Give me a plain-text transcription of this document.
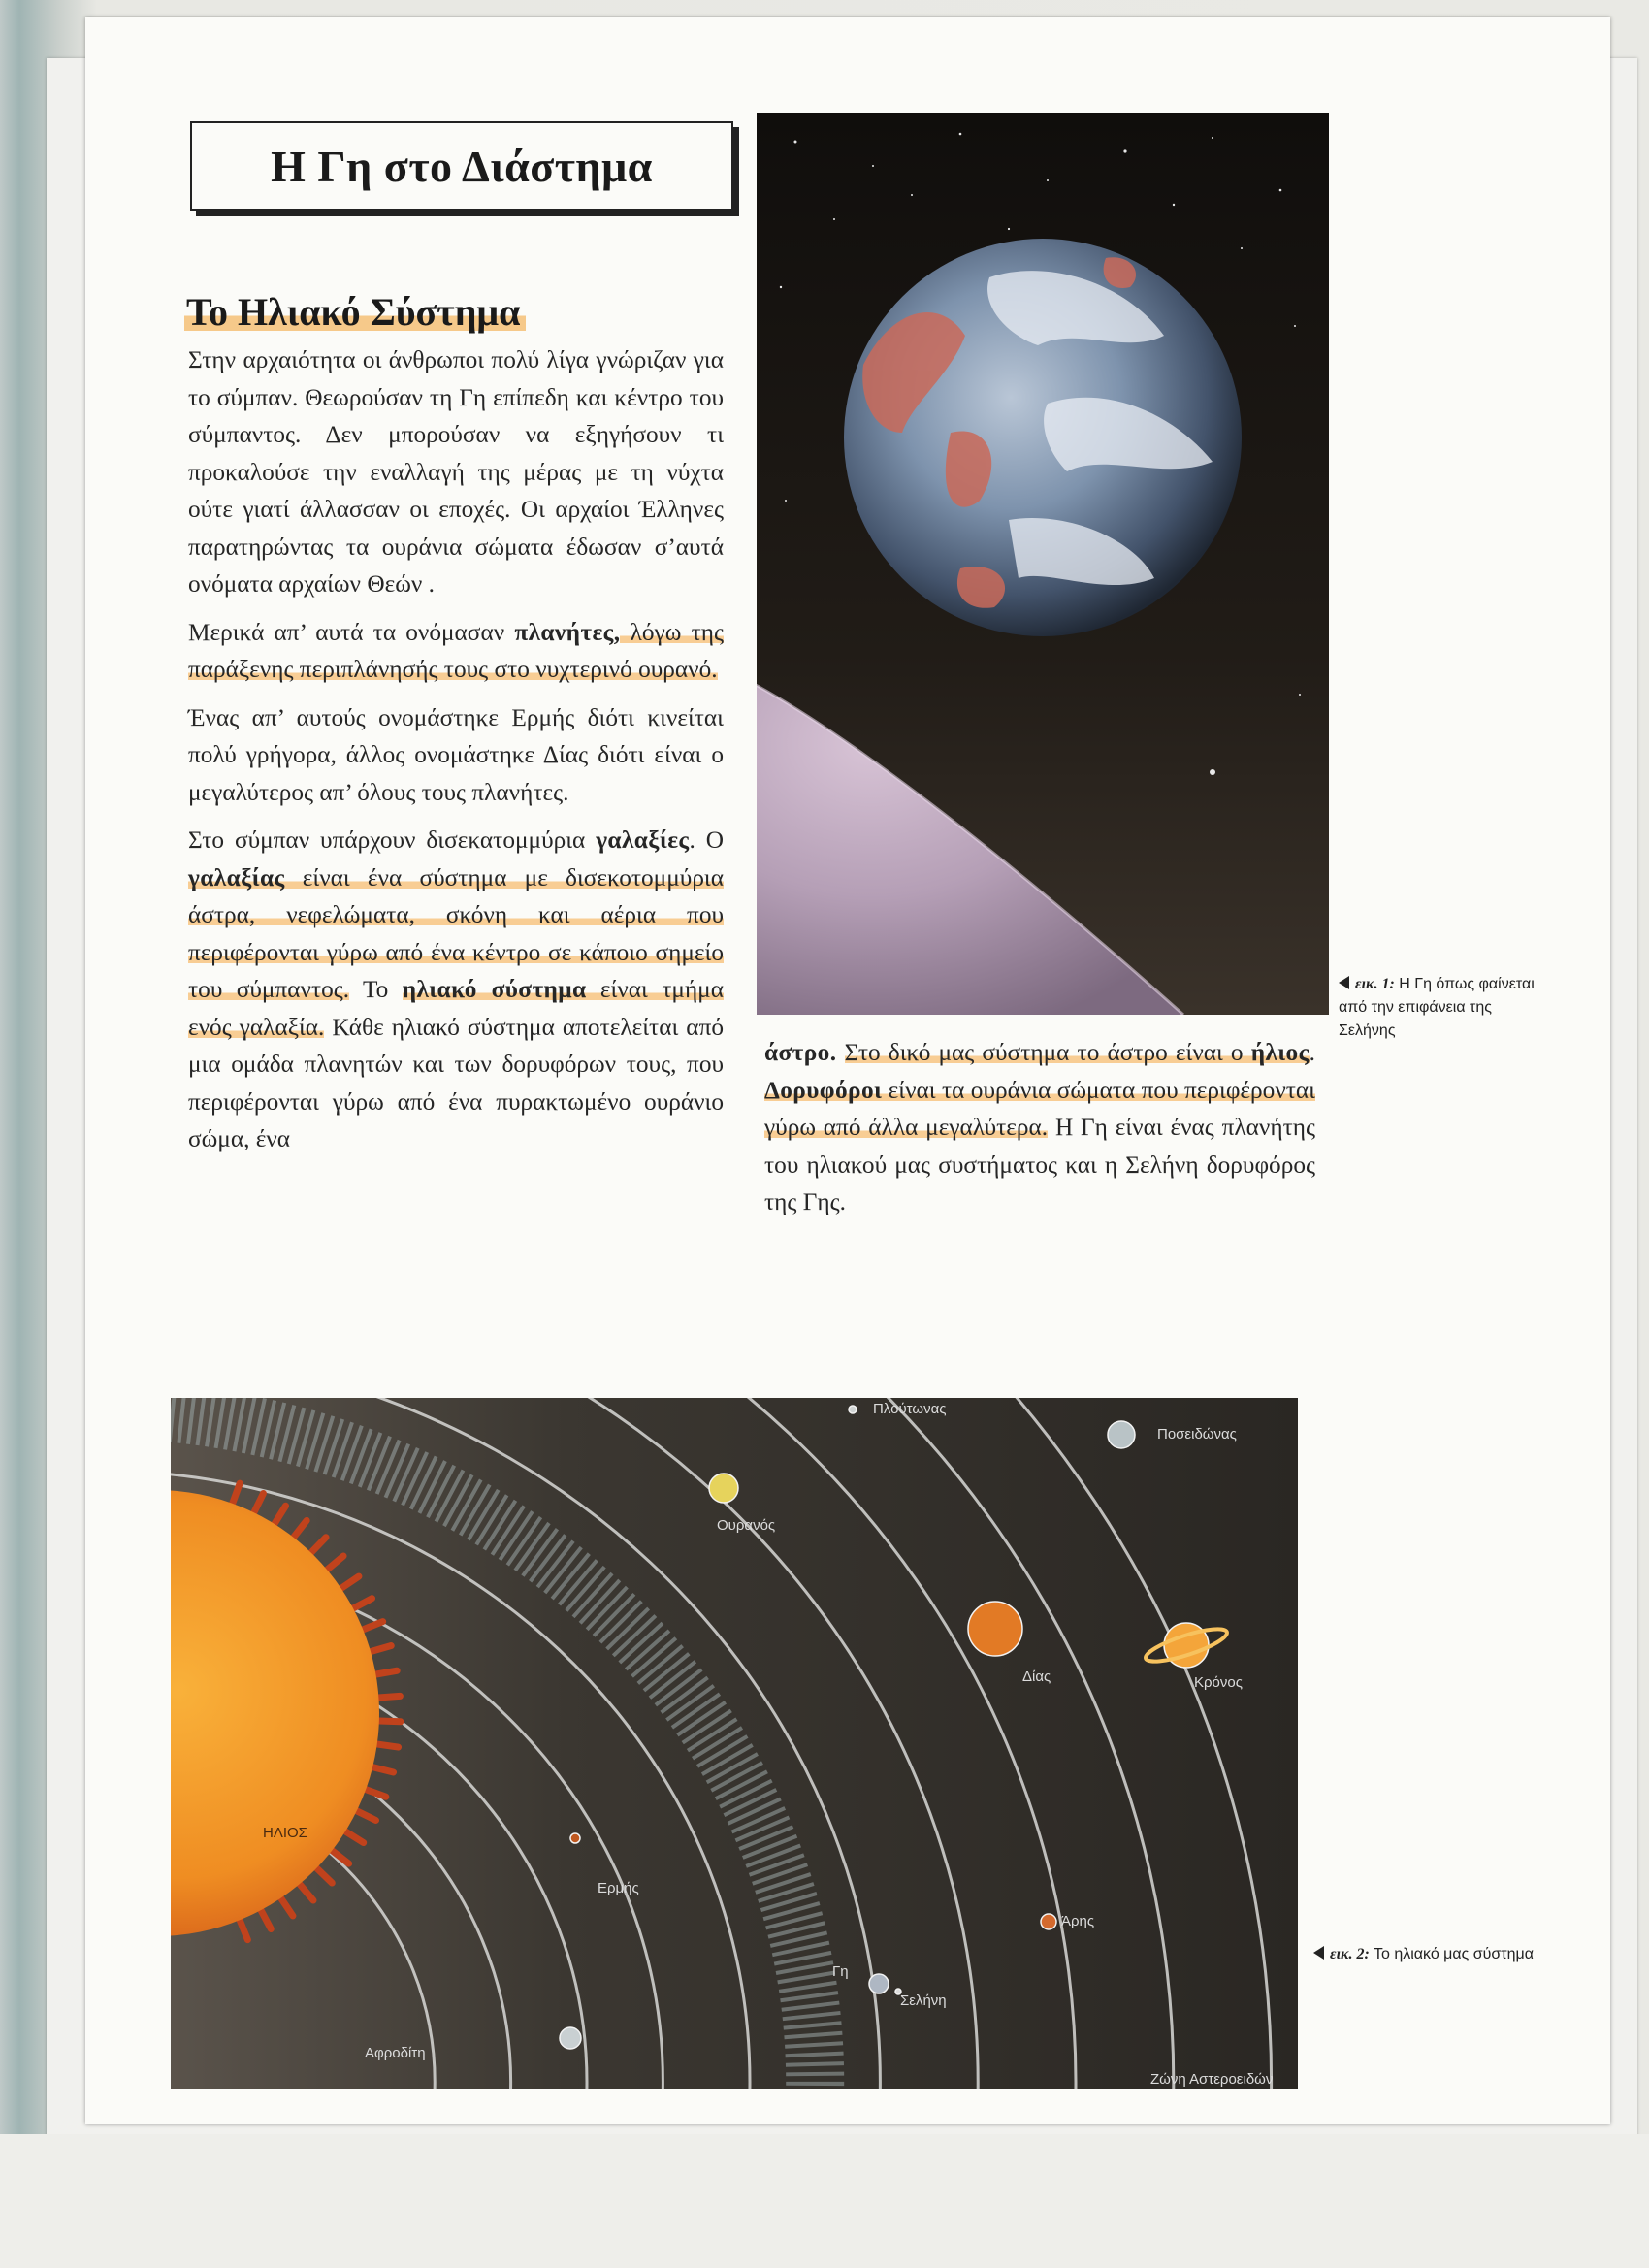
Η Γη στο Διάστημα
Το Ηλιακό Σύστημα

Στην αρχαιότητα οι άνθρωποι πολύ λίγα γνώριζαν για το σύμπαν. Θεωρούσαν τη Γη επίπεδη και κέντρο του σύμπαντος. Δεν μπορούσαν να εξηγήσουν τι προκαλούσε την εναλλαγή της μέρας με τη νύχτα ούτε γιατί άλλασσαν οι εποχές. Οι αρχαίοι Έλληνες παρατηρώντας τα ουράνια σώματα έδωσαν σ’αυτά ονόματα αρχαίων Θεών .

Μερικά απ’ αυτά τα ονόμασαν πλανήτες, λόγω της παράξενης περιπλάνησής τους στο νυχτερινό ουρανό.

Ένας απ’ αυτούς ονομάστηκε Ερμής διότι κινείται πολύ γρήγορα, άλλος ονομάστηκε Δίας διότι είναι ο μεγαλύτερος απ’ όλους τους πλανήτες.

Στο σύμπαν υπάρχουν δισεκατομμύρια γαλαξίες. Ο γαλαξίας είναι ένα σύστημα με δισεκοτομμύρια άστρα, νεφελώματα, σκόνη και αέρια που περιφέρονται γύρω από ένα κέντρο σε κάποιο σημείο του σύμπαντος. Το ηλιακό σύστημα είναι τμήμα ενός γαλαξία. Κάθε ηλιακό σύστημα αποτελείται από μια ομάδα πλανητών και των δορυφόρων τους, που περιφέρονται γύρω από ένα πυρακτωμένο ουράνιο σώμα, ένα

εικ. 1: Η Γη όπως φαίνεται από την επιφάνεια της Σελήνης

άστρο. Στο δικό μας σύστημα το άστρο είναι ο ήλιος. Δορυφόροι είναι τα ουράνια σώματα που περιφέρονται γύρω από άλλα μεγαλύτερα. Η Γη είναι ένας πλανήτης του ηλιακού μας συστήματος και η Σελήνη δορυφόρος της Γης.

Ερμής
Αφροδίτη
Γη
Σελήνη
Άρης
Δίας	Κρόνος
Ουρανός
Ποσειδώνας
Πλούτωνας
ΗΛΙΟΣ
Ζώνη Αστεροειδών
εικ. 2: Το ηλιακό μας σύστημα
